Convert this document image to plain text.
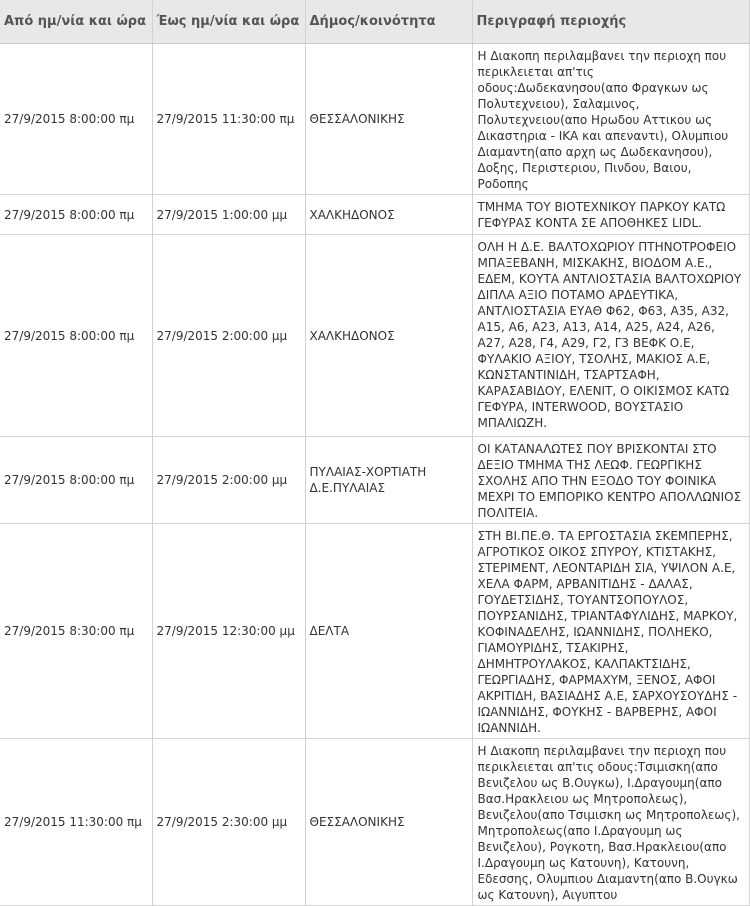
Από ημ/νία και ώρα	Έως ημ/νία και ώρα	Δήμος/κοινότητα	Περιγραφή περιοχής
27/9/2015 8:00:00 πμ	27/9/2015 11:30:00 πμ	ΘΕΣΣΑΛΟΝΙΚΗΣ	Η Διακοπη περιλαμβανει την περιοχη που περικλειεται απ'τις οδους:Δωδεκανησου(απο Φραγκων ως Πολυτεχνειου), Σαλαμινος, Πολυτεχνειου(απο Ηρωδου Αττικου ως Δικαστηρια - ΙΚΑ και απεναντι), Ολυμπιου Διαμαντη(απο αρχη ως Δωδεκανησου), Δοξης, Περιστεριου, Πινδου, Βαιου, Ροδοπης
27/9/2015 8:00:00 πμ	27/9/2015 1:00:00 μμ	ΧΑΛΚΗΔΟΝΟΣ	ΤΜΗΜΑ ΤΟΥ ΒΙΟΤΕΧΝΙΚΟΥ ΠΑΡΚΟΥ ΚΑΤΩ ΓΕΦΥΡΑΣ ΚΟΝΤΑ ΣΕ ΑΠΟΘΗΚΕΣ LIDL.
27/9/2015 8:00:00 πμ	27/9/2015 2:00:00 μμ	ΧΑΛΚΗΔΟΝΟΣ	ΟΛΗ Η Δ.Ε. ΒΑΛΤΟΧΩΡΙΟΥ ΠΤΗΝΟΤΡΟΦΕΙΟ ΜΠΑΞΕΒΑΝΗ, ΜΙΣΚΑΚΗΣ, ΒΙΟΔΟΜ Α.Ε., ΕΔΕΜ, ΚΟΥΤΑ ΑΝΤΛΙΟΣΤΑΣΙΑ ΒΑΛΤΟΧΩΡΙΟΥ ΔΙΠΛΑ ΑΞΙΟ ΠΟΤΑΜΟ ΑΡΔΕΥΤΙΚΑ, ΑΝΤΛΙΟΣΤΑΣΙΑ ΕΥΑΘ Φ62, Φ63, Α35, Α32, Α15, Α6, Α23, Α13, Α14, Α25, Α24, Α26, Α27, Α28, Γ4, Α29, Γ2, Γ3 ΒΕΦΚ Ο.Ε, ΦΥΛΑΚΙΟ ΑΞΙΟΥ, ΤΣΟΛΗΣ, ΜΑΚΙΟΣ Α.Ε, ΚΩΝΣΤΑΝΤΙΝΙΔΗ, ΤΣΑΡΤΣΑΦΗ, ΚΑΡΑΣΑΒΙΔΟΥ, ΕΛΕΝΙΤ, Ο ΟΙΚΙΣΜΟΣ ΚΑΤΩ ΓΕΦΥΡΑ, INTERWOOD, ΒΟΥΣΤΑΣΙΟ ΜΠΑΛΙΩΖΗ.
27/9/2015 8:00:00 πμ	27/9/2015 2:00:00 μμ	ΠΥΛΑΙΑΣ-ΧΟΡΤΙΑΤΗ Δ.Ε.ΠΥΛΑΙΑΣ	ΟΙ ΚΑΤΑΝΑΛΩΤΕΣ ΠΟΥ ΒΡΙΣΚΟΝΤΑΙ ΣΤΟ ΔΕΞΙΟ ΤΜΗΜΑ ΤΗΣ ΛΕΩΦ. ΓΕΩΡΓΙΚΗΣ ΣΧΟΛΗΣ ΑΠΟ ΤΗΝ ΕΞΟΔΟ ΤΟΥ ΦΟΙΝΙΚΑ ΜΕΧΡΙ ΤΟ ΕΜΠΟΡΙΚΟ ΚΕΝΤΡΟ ΑΠΟΛΛΩΝΙΟΣ ΠΟΛΙΤΕΙΑ.
27/9/2015 8:30:00 πμ	27/9/2015 12:30:00 μμ	ΔΕΛΤΑ	ΣΤΗ ΒΙ.ΠΕ.Θ. ΤΑ ΕΡΓΟΣΤΑΣΙΑ ΣΚΕΜΠΕΡΗΣ, ΑΓΡΟΤΙΚΟΣ ΟΙΚΟΣ ΣΠΥΡΟΥ, ΚΤΙΣΤΑΚΗΣ, ΣΤΕΡΙΜΕΝΤ, ΛΕΟΝΤΑΡΙΔΗ ΣΙΑ, ΥΨΙΛΟΝ Α.Ε, ΧΕΛΑ ΦΑΡΜ, ΑΡΒΑΝΙΤΙΔΗΣ - ΔΑΛΑΣ, ΓΟΥΔΕΤΣΙΔΗΣ, ΤΟΥΑΝΤΣΟΠΟΥΛΟΣ, ΠΟΥΡΣΑΝΙΔΗΣ, ΤΡΙΑΝΤΑΦΥΛΙΔΗΣ, ΜΑΡΚΟΥ, ΚΟΦΙΝΑΔΕΛΗΣ, ΙΩΑΝΝΙΔΗΣ, ΠΟΛΗΕΚΟ, ΓΙΑΜΟΥΡΙΔΗΣ, ΤΣΑΚΙΡΗΣ, ΔΗΜΗΤΡΟΥΛΑΚΟΣ, ΚΑΛΠΑΚΤΣΙΔΗΣ, ΓΕΩΡΓΙΑΔΗΣ, ΦΑΡΜΑΧΥΜ, ΞΕΝΟΣ, ΑΦΟΙ ΑΚΡΙΤΙΔΗ, ΒΑΣΙΑΔΗΣ Α.Ε, ΣΑΡΧΟΥΣΟΥΔΗΣ - ΙΩΑΝΝΙΔΗΣ, ΦΟΥΚΗΣ - ΒΑΡΒΕΡΗΣ, ΑΦΟΙ ΙΩΑΝΝΙΔΗ.
27/9/2015 11:30:00 πμ	27/9/2015 2:30:00 μμ	ΘΕΣΣΑΛΟΝΙΚΗΣ	Η Διακοπη περιλαμβανει την περιοχη που περικλειεται απ'τις οδους:Τσιμισκη(απο Βενιζελου ως Β.Ουγκω), Ι.Δραγουμη(απο Βασ.Ηρακλειου ως Μητροπολεως), Βενιζελου(απο Τσιμισκη ως Μητροπολεως), Μητροπολεως(απο Ι.Δραγουμη ως Βενιζελου), Ρογκοτη, Βασ.Ηρακλειου(απο Ι.Δραγουμη ως Κατουνη), Κατουνη, Εδεσσης, Ολυμπιου Διαμαντη(απο Β.Ουγκω ως Κατουνη), Αιγυπτου
